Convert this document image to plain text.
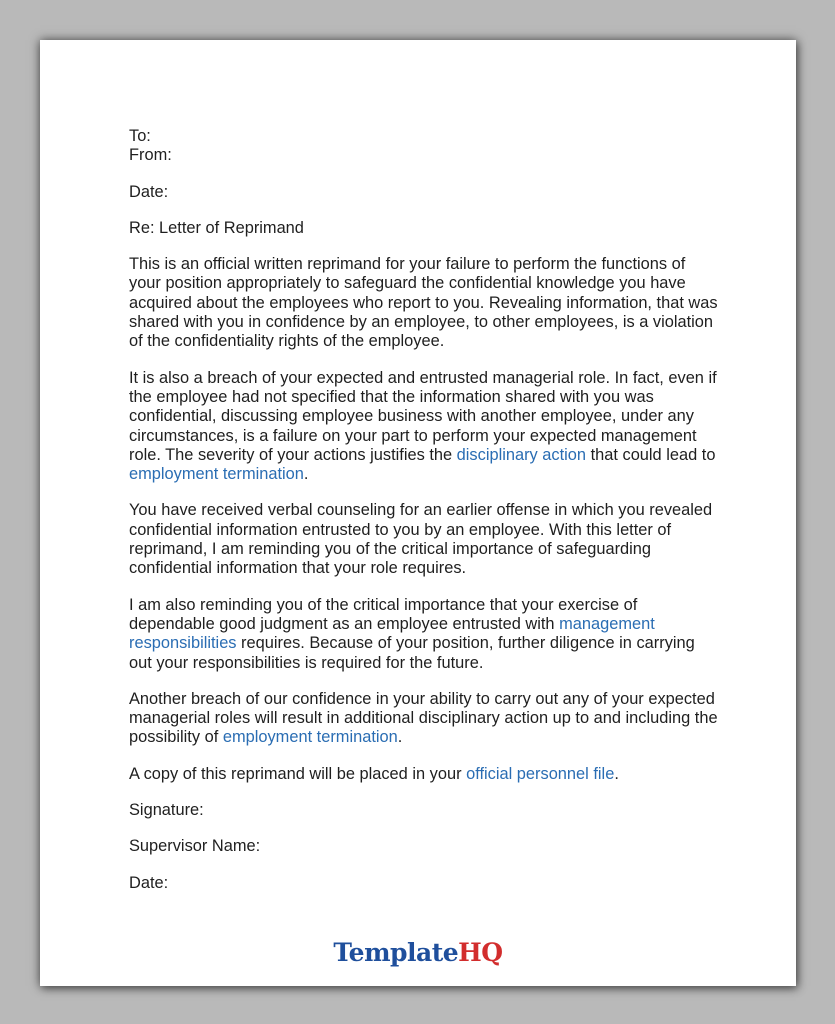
To:

From:

Date:

Re: Letter of Reprimand

This is an official written reprimand for your failure to perform the functions of your position appropriately to safeguard the confidential knowledge you have acquired about the employees who report to you. Revealing information, that was shared with you in confidence by an employee, to other employees, is a violation of the confidentiality rights of the employee.

It is also a breach of your expected and entrusted managerial role. In fact, even if the employee had not specified that the information shared with you was confidential, discussing employee business with another employee, under any circumstances, is a failure on your part to perform your expected management role. The severity of your actions justifies the disciplinary action that could lead to employment termination.

You have received verbal counseling for an earlier offense in which you revealed confidential information entrusted to you by an employee. With this letter of reprimand, I am reminding you of the critical importance of safeguarding confidential information that your role requires.

I am also reminding you of the critical importance that your exercise of dependable good judgment as an employee entrusted with management responsibilities requires. Because of your position, further diligence in carrying out your responsibilities is required for the future.

Another breach of our confidence in your ability to carry out any of your expected managerial roles will result in additional disciplinary action up to and including the possibility of employment termination.

A copy of this reprimand will be placed in your official personnel file.

Signature:

Supervisor Name:

Date:

TemplateHQ
